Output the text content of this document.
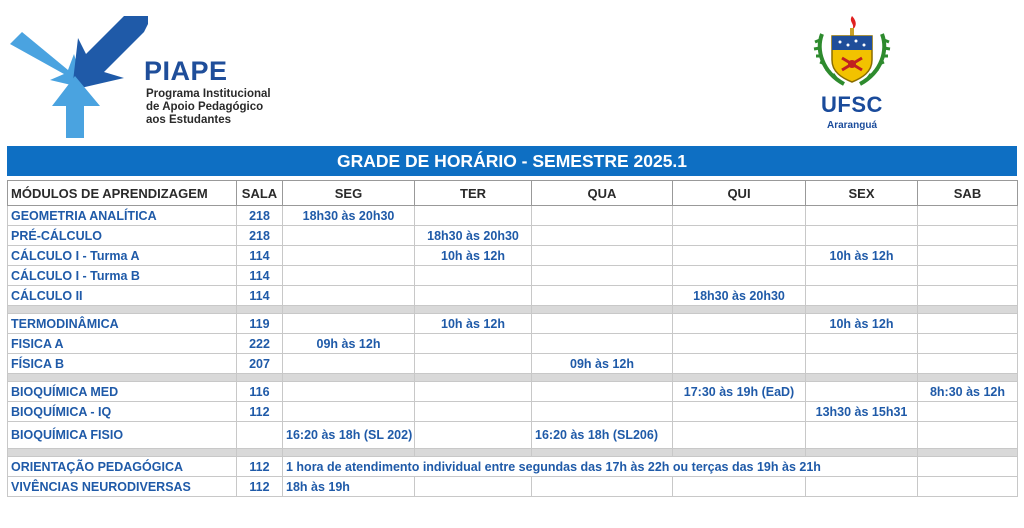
PIAPE
Programa Institucional
de Apoio Pedagógico
aos Estudantes
UFSC
Araranguá
GRADE DE HORÁRIO - SEMESTRE 2025.1
MÓDULOS DE APRENDIZAGEM	SALA	SEG	TER	QUA	QUI	SEX	SAB
GEOMETRIA ANALÍTICA	218	18h30 às 20h30					
PRÉ-CÁLCULO	218		18h30 às 20h30				
CÁLCULO I - Turma A	114		10h às 12h			10h às 12h	
CÁLCULO I - Turma B	114						
CÁLCULO II	114				18h30 às 20h30		

TERMODINÂMICA	119		10h às 12h			10h às 12h	
FISICA A	222	09h às 12h					
FÍSICA B	207			09h às 12h			

BIOQUÍMICA MED	116				17:30 às 19h (EaD)		8h:30 às 12h
BIOQUÍMICA - IQ	112					13h30 às 15h31	
BIOQUÍMICA FISIO		16:20 às 18h (SL 202)		16:20 às 18h (SL206)			

ORIENTAÇÃO PEDAGÓGICA	112	1 hora de atendimento individual entre segundas das 17h às 22h ou terças das 19h às 21h					
VIVÊNCIAS NEURODIVERSAS	112	18h às 19h					
